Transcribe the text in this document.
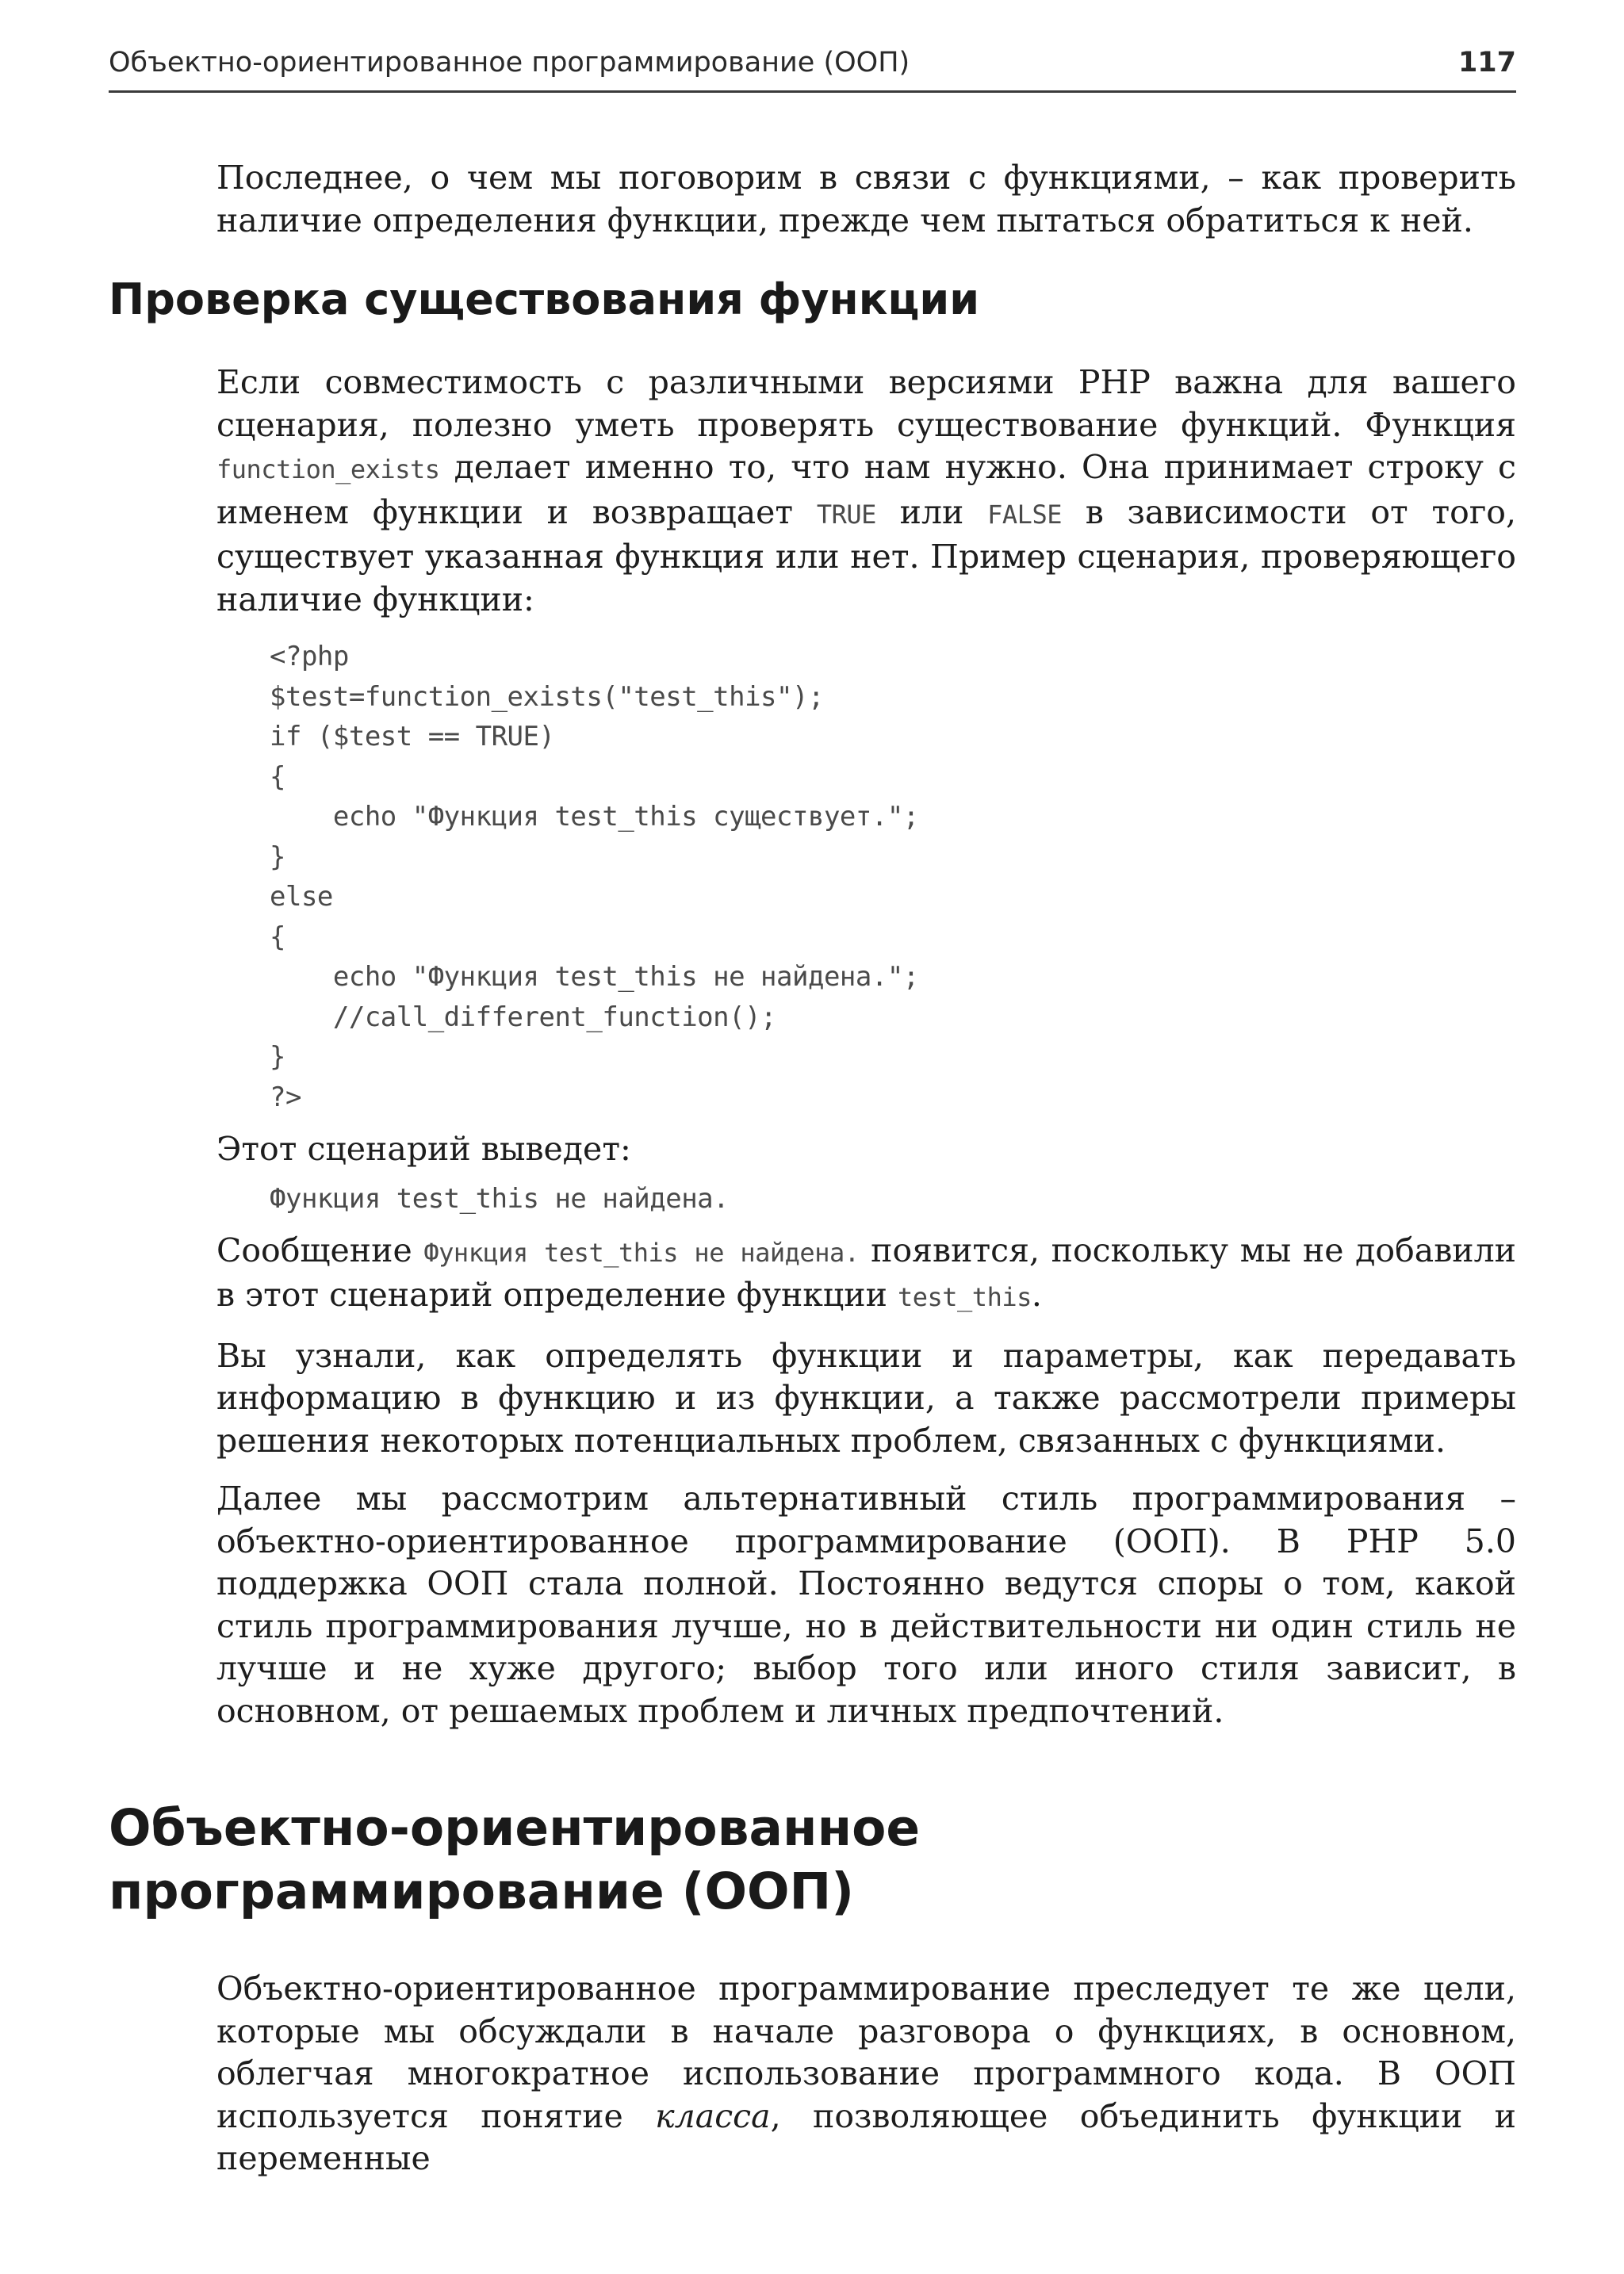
Объектно-ориентированное программирование (ООП)	117

Последнее, о чем мы поговорим в связи с функциями, – как проверить наличие определения функции, прежде чем пытаться обратиться к ней.

Проверка существования функции

Если совместимость с различными версиями PHP важна для вашего сценария, полезно уметь проверять существование функций. Функция function_exists делает именно то, что нам нужно. Она принимает строку с именем функции и возвращает TRUE или FALSE в зависимости от того, существует указанная функция или нет. Пример сценария, проверяющего наличие функции:

<?php
$test=function_exists("test_this");
if ($test == TRUE)
{
echo "Функция test_this существует.";
}
else
{
echo "Функция test_this не найдена.";
//call_different_function();
}
?>

Этот сценарий выведет:

Функция test_this не найдена.

Сообщение Функция test_this не найдена. появится, поскольку мы не добавили в этот сценарий определение функции test_this.

Вы узнали, как определять функции и параметры, как передавать информацию в функцию и из функции, а также рассмотрели примеры решения некоторых потенциальных проблем, связанных с функциями.

Далее мы рассмотрим альтернативный стиль программирования – объектно-ориентированное программирование (ООП). В PHP 5.0 поддержка ООП стала полной. Постоянно ведутся споры о том, какой стиль программирования лучше, но в действительности ни один стиль не лучше и не хуже другого; выбор того или иного стиля зависит, в основном, от решаемых проблем и личных предпочтений.

Объектно-ориентированное
программирование (ООП)

Объектно-ориентированное программирование преследует те же цели, которые мы обсуждали в начале разговора о функциях, в основном, облегчая многократное использование программного кода. В ООП используется понятие класса, позволяющее объединить функции и переменные
